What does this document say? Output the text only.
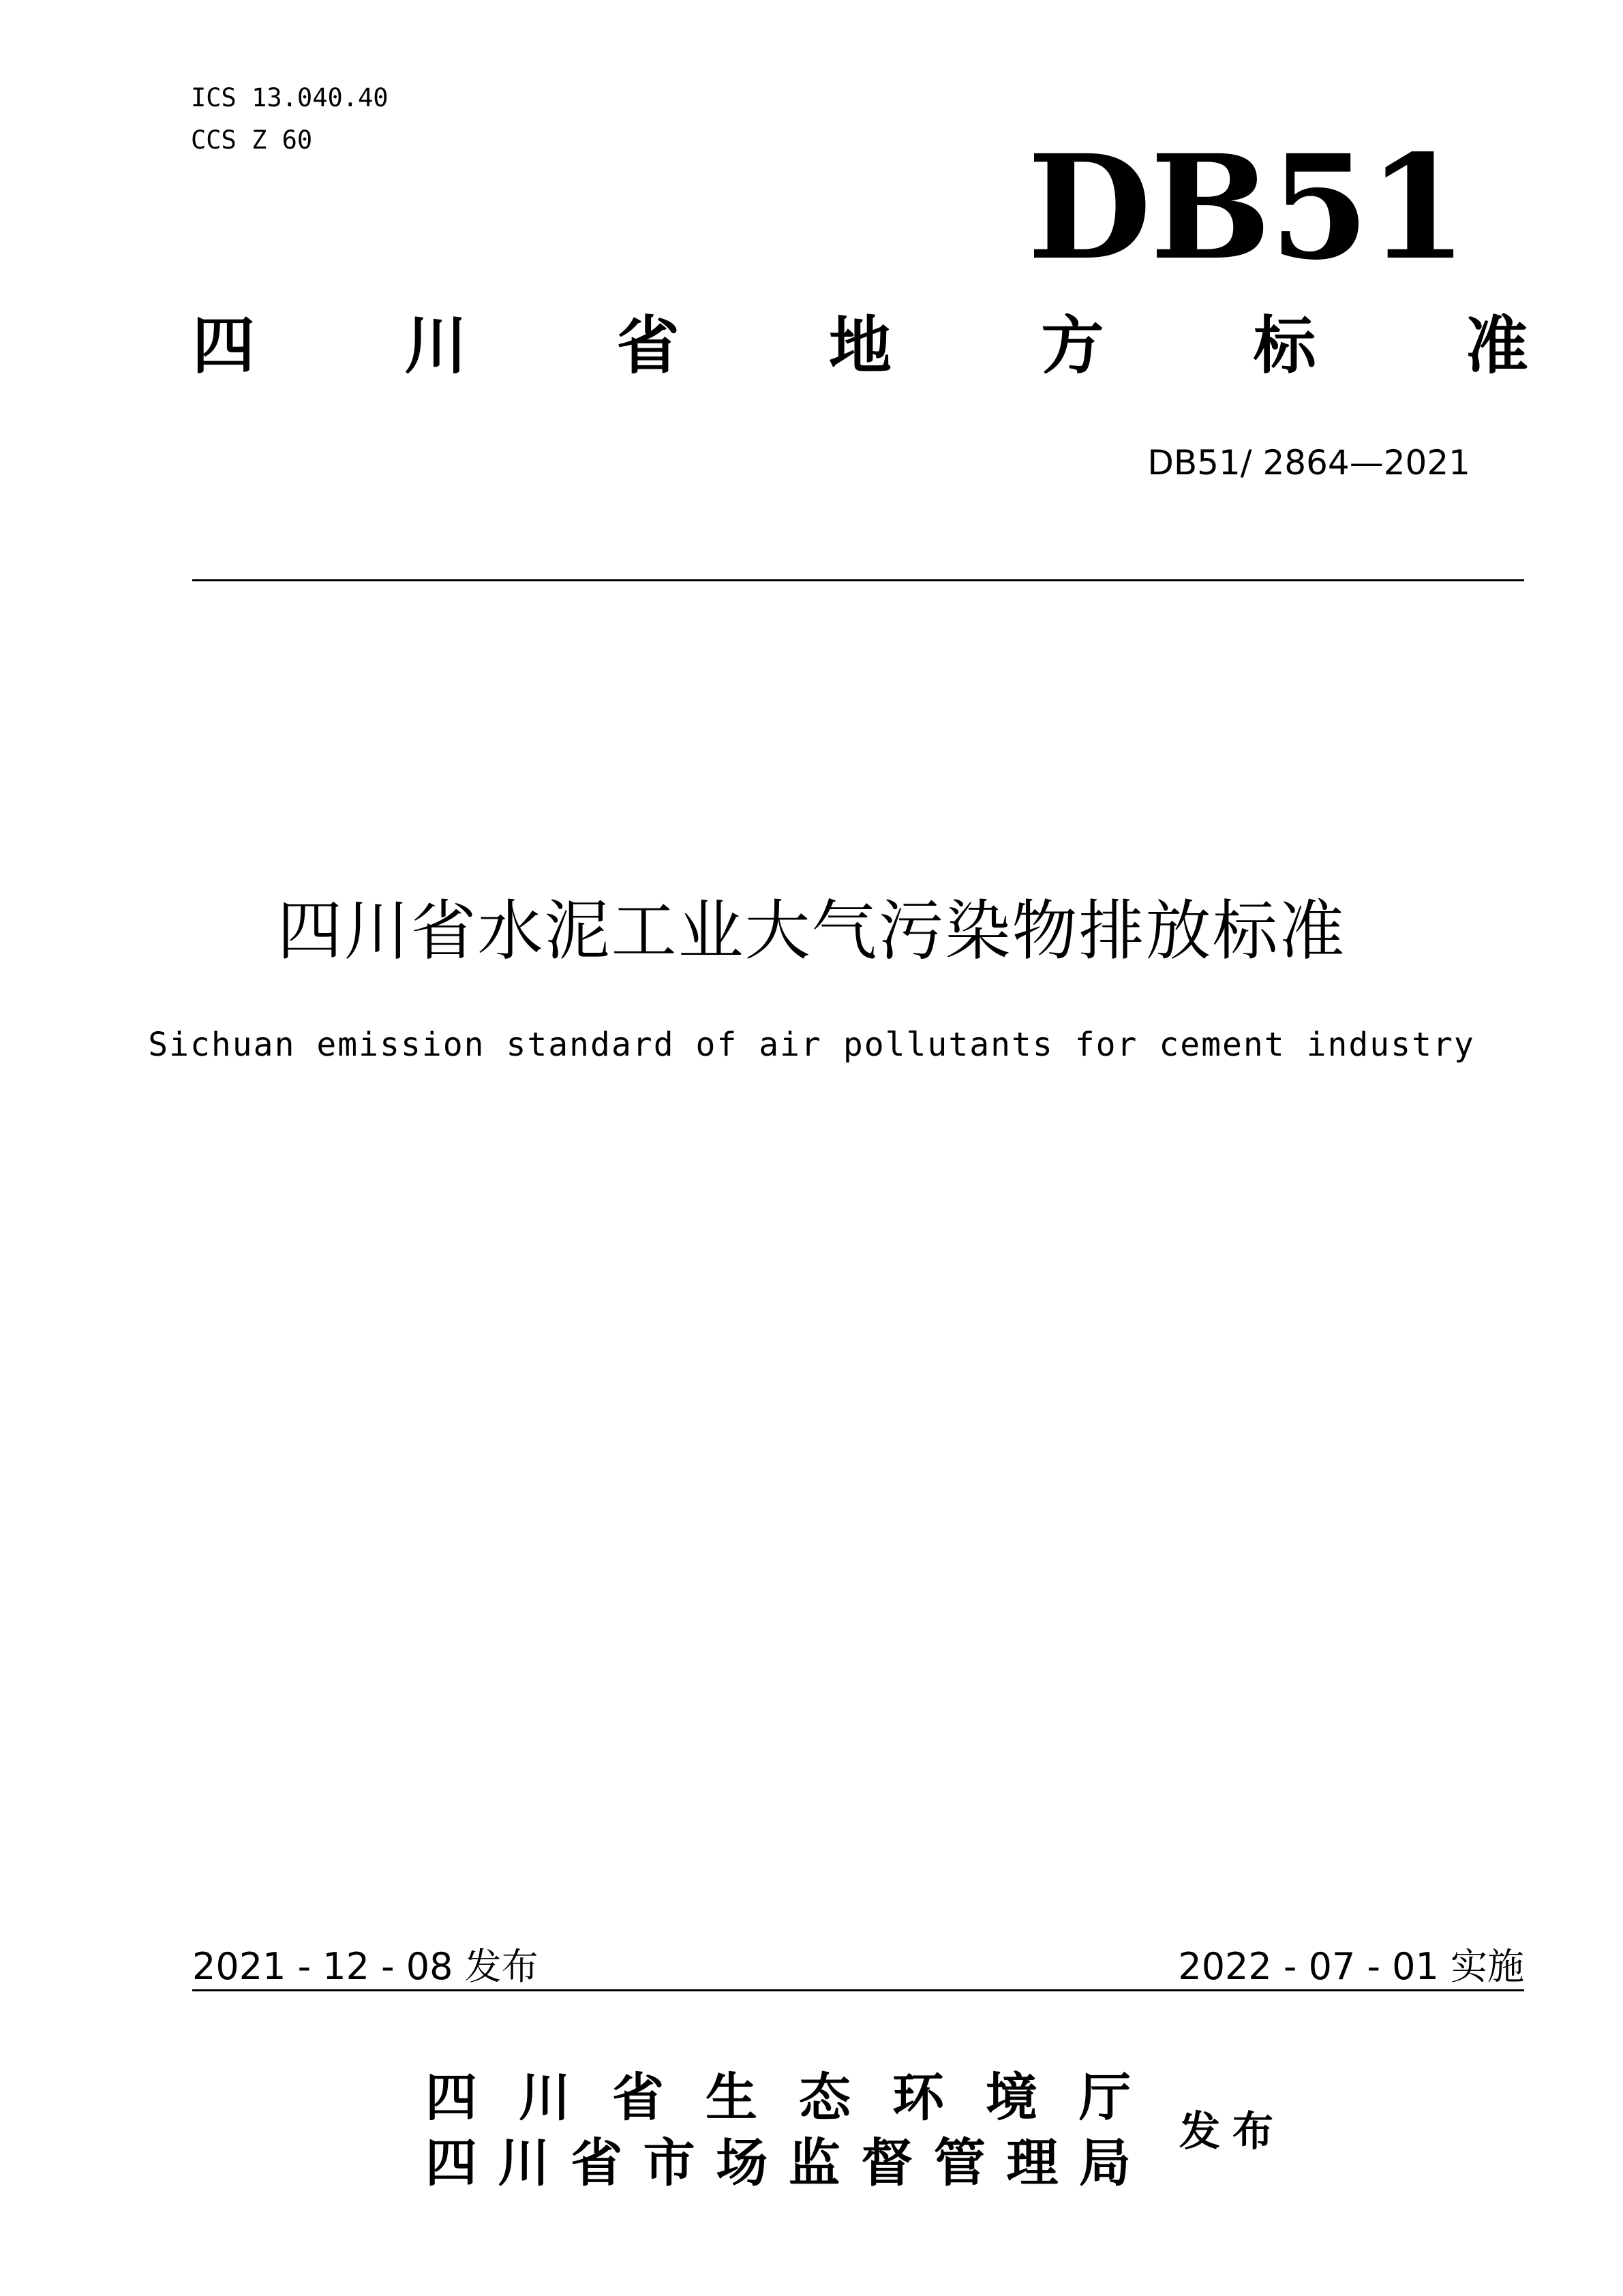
ICS 13.040.40
CCS Z 60	DB51
四 川 省 地 方 标 准
DB51/ 2864—2021
四川省水泥工业大气污染物排放标准
Sichuan emission standard of air pollutants for cement industry
2021 - 12 - 08 发布	2022 - 07 - 01 实施
四 川 省 生 态 环 境 厅
四 川 省 市 场 监 督 管 理 局
发布
